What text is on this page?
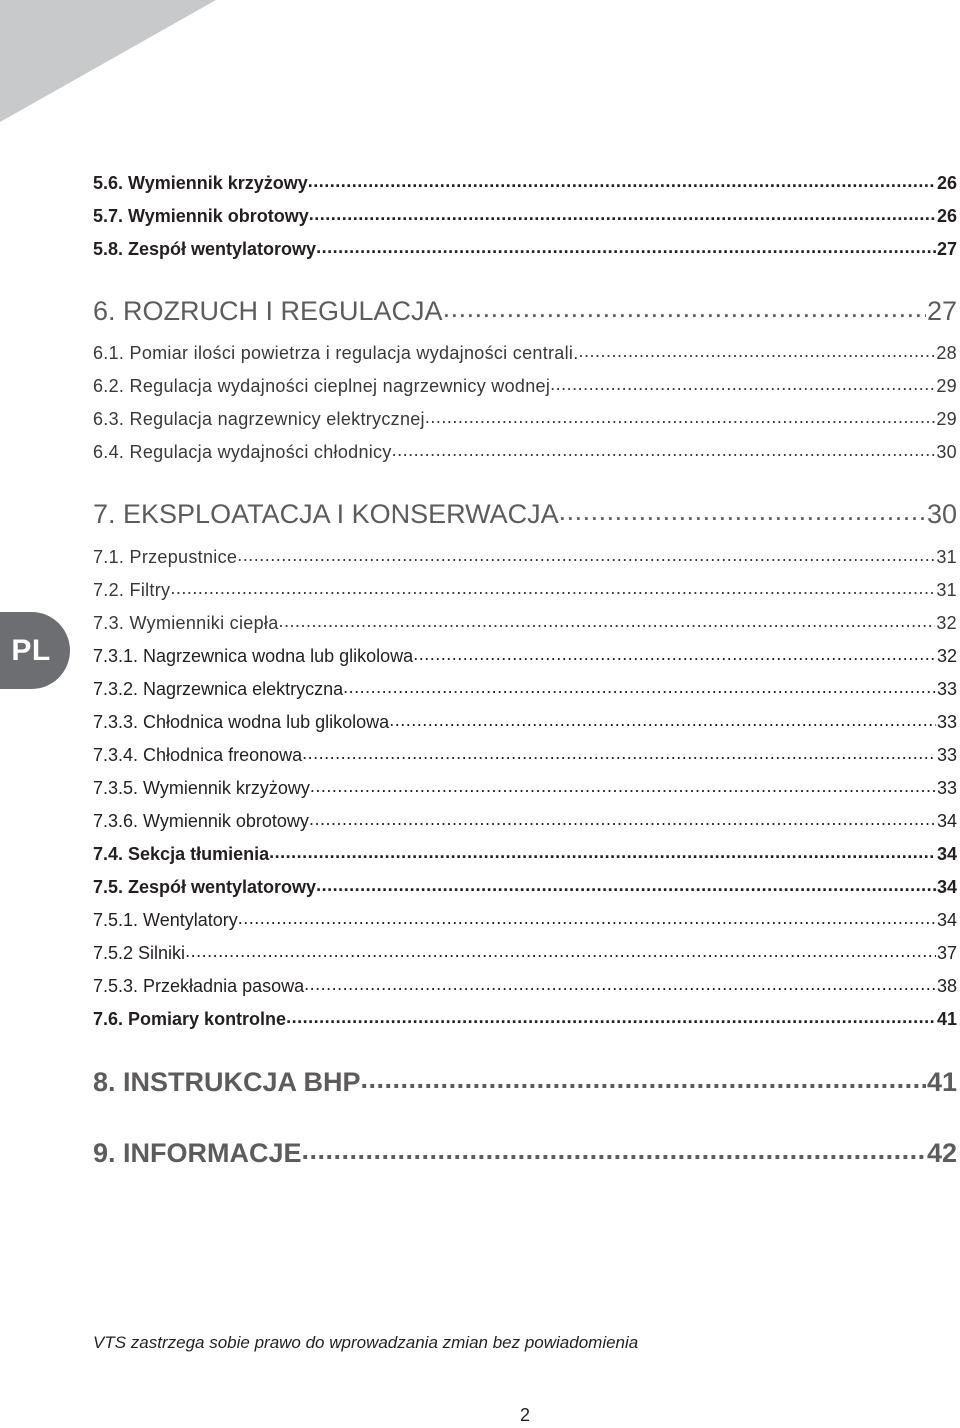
PL
5.6. Wymiennik krzyżowy .....	26
5.7. Wymiennik obrotowy .....	26
5.8. Zespół wentylatorowy .....	27
6. ROZRUCH I REGULACJA .....	27
6.1. Pomiar ilości powietrza i regulacja wydajności centrali. .....	28
6.2. Regulacja wydajności cieplnej nagrzewnicy wodnej .....	29
6.3. Regulacja nagrzewnicy elektrycznej .....	29
6.4. Regulacja wydajności chłodnicy .....	30
7. EKSPLOATACJA I KONSERWACJA .....	30
7.1. Przepustnice .....	31
7.2. Filtry .....	31
7.3. Wymienniki ciepła .....	32
7.3.1. Nagrzewnica wodna lub glikolowa .....	32
7.3.2. Nagrzewnica elektryczna .....	33
7.3.3. Chłodnica wodna lub glikolowa .....	33
7.3.4. Chłodnica freonowa .....	33
7.3.5. Wymiennik krzyżowy .....	33
7.3.6. Wymiennik obrotowy .....	34
7.4. Sekcja tłumienia .....	34
7.5. Zespół wentylatorowy .....	34
7.5.1. Wentylatory .....	34
7.5.2 Silniki .....	37
7.5.3. Przekładnia pasowa .....	38
7.6. Pomiary kontrolne .....	41
8. INSTRUKCJA BHP .....	41
9. INFORMACJE .....	42

VTS zastrzega sobie prawo do wprowadzania zmian bez powiadomienia

2
